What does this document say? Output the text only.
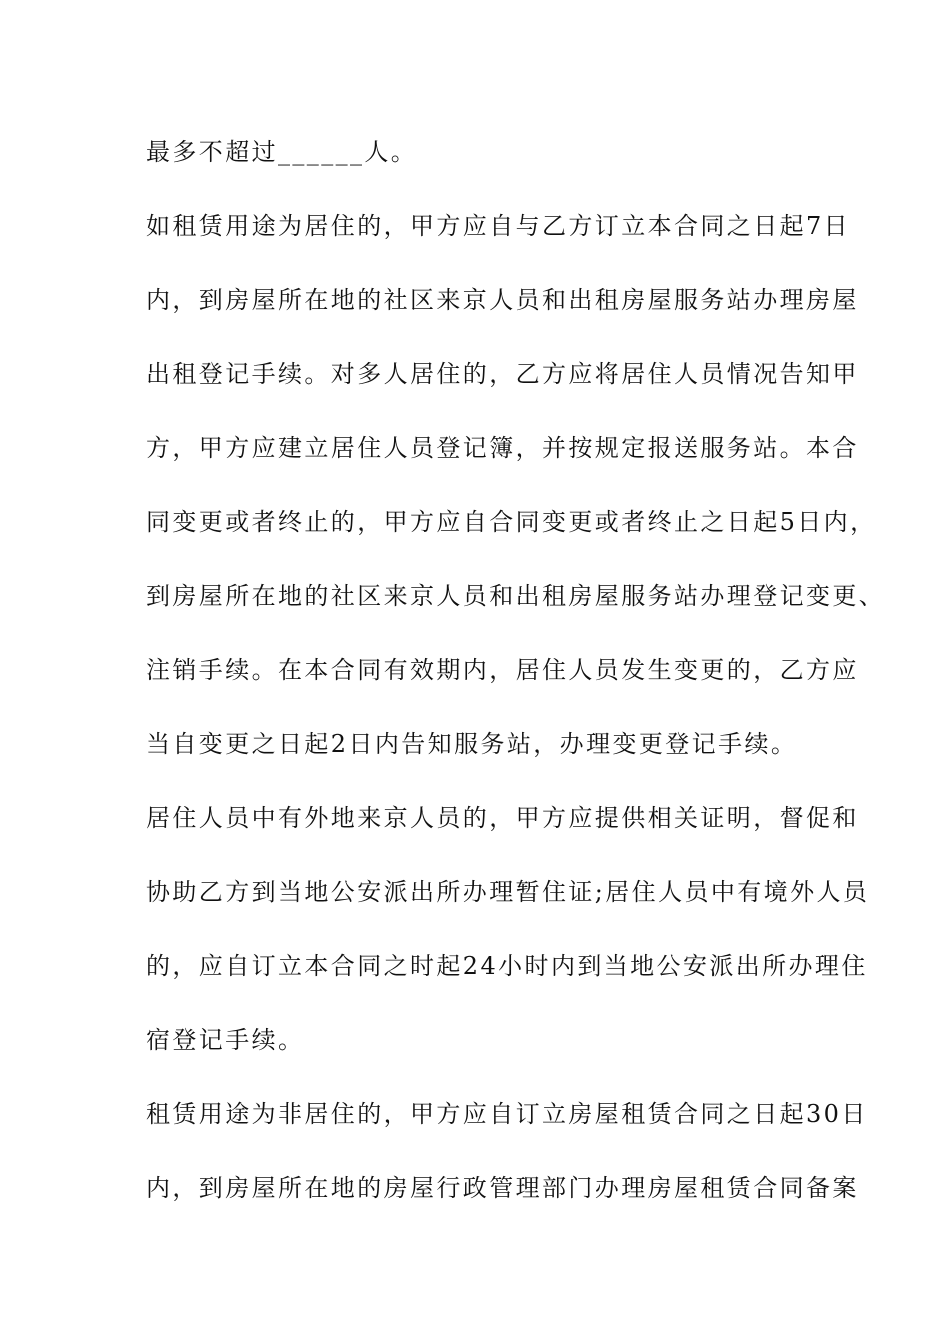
最多不超过______人。
如租赁用途为居住的，甲方应自与乙方订立本合同之日起7日
内，到房屋所在地的社区来京人员和出租房屋服务站办理房屋
出租登记手续。对多人居住的，乙方应将居住人员情况告知甲
方，甲方应建立居住人员登记簿，并按规定报送服务站。本合
同变更或者终止的，甲方应自合同变更或者终止之日起5日内，
到房屋所在地的社区来京人员和出租房屋服务站办理登记变更、
注销手续。在本合同有效期内，居住人员发生变更的，乙方应
当自变更之日起2日内告知服务站，办理变更登记手续。
居住人员中有外地来京人员的，甲方应提供相关证明，督促和
协助乙方到当地公安派出所办理暂住证;居住人员中有境外人员
的，应自订立本合同之时起24小时内到当地公安派出所办理住
宿登记手续。
租赁用途为非居住的，甲方应自订立房屋租赁合同之日起30日
内，到房屋所在地的房屋行政管理部门办理房屋租赁合同备案
